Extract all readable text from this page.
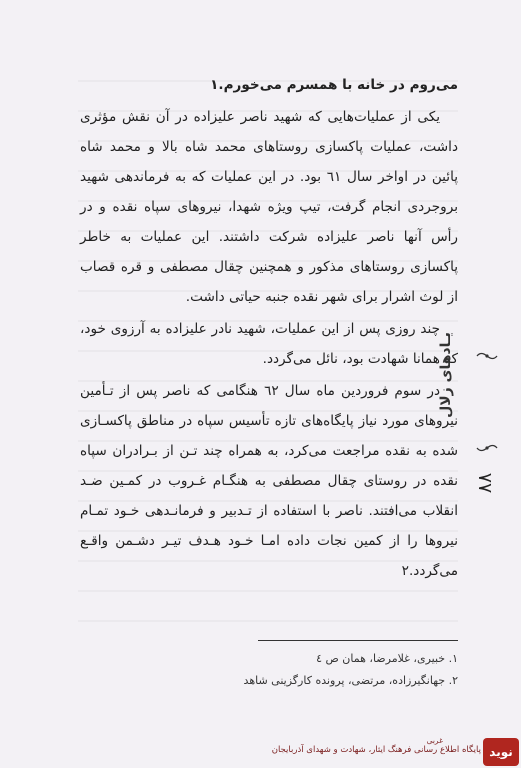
می‌روم در خانه با همسرم می‌خورم.۱

یکی از عملیات‌هایی که شهید ناصر علیزاده در آن نقش مؤثری داشت، عملیات پاکسازی روستاهای محمد شاه بالا و محمد شاه پائین در اواخر سال ٦١ بود. در این عملیات که به فرماندهی شهید بروجردی انجام گرفت، تیپ ویژه شهدا، نیروهای سپاه نقده و در رأس آنها ناصر علیزاده شرکت داشتند. این عملیات به خاطر پاکسازی روستاهای مذکور و همچنین چقال مصطفی و قره قصاب از لوث اشرار برای شهر نقده جنبه حیاتی داشت.

چند روزی پس از این عملیات، شهید نادر علیزاده به آرزوی خود، که همانا شهادت بود، نائل می‌گردد.

در سوم فروردین ماه سال ٦٢ هنگامی که ناصر پس از تـأمین نیروهای مورد نیاز پایگاه‌های تازه تأسیس سپاه در مناطق پاکسـازی شده به نقده مراجعت می‌کرد، به همراه چند تـن از بـرادران سپاه نقده در روستای چقال مصطفی به هنگـام غـروب در کمـین ضـد انقلاب می‌افتند. ناصر با استفاده از تـدبیر و فرمانـدهی خـود تمـام نیروها را از کمین نجات داده امـا خـود هـدف تیـر دشـمن واقـع می‌گردد.۲

یـادهای زلال
۸۸
۱. خبیری، غلامرضا، همان ص ٤
۲. جهانگیرزاده، مرتضی، پرونده کارگزینی شاهد
غربی
پایگاه اطلاع رسانی فرهنگ ایثار، شهادت و شهدای آذربایجان نوید
